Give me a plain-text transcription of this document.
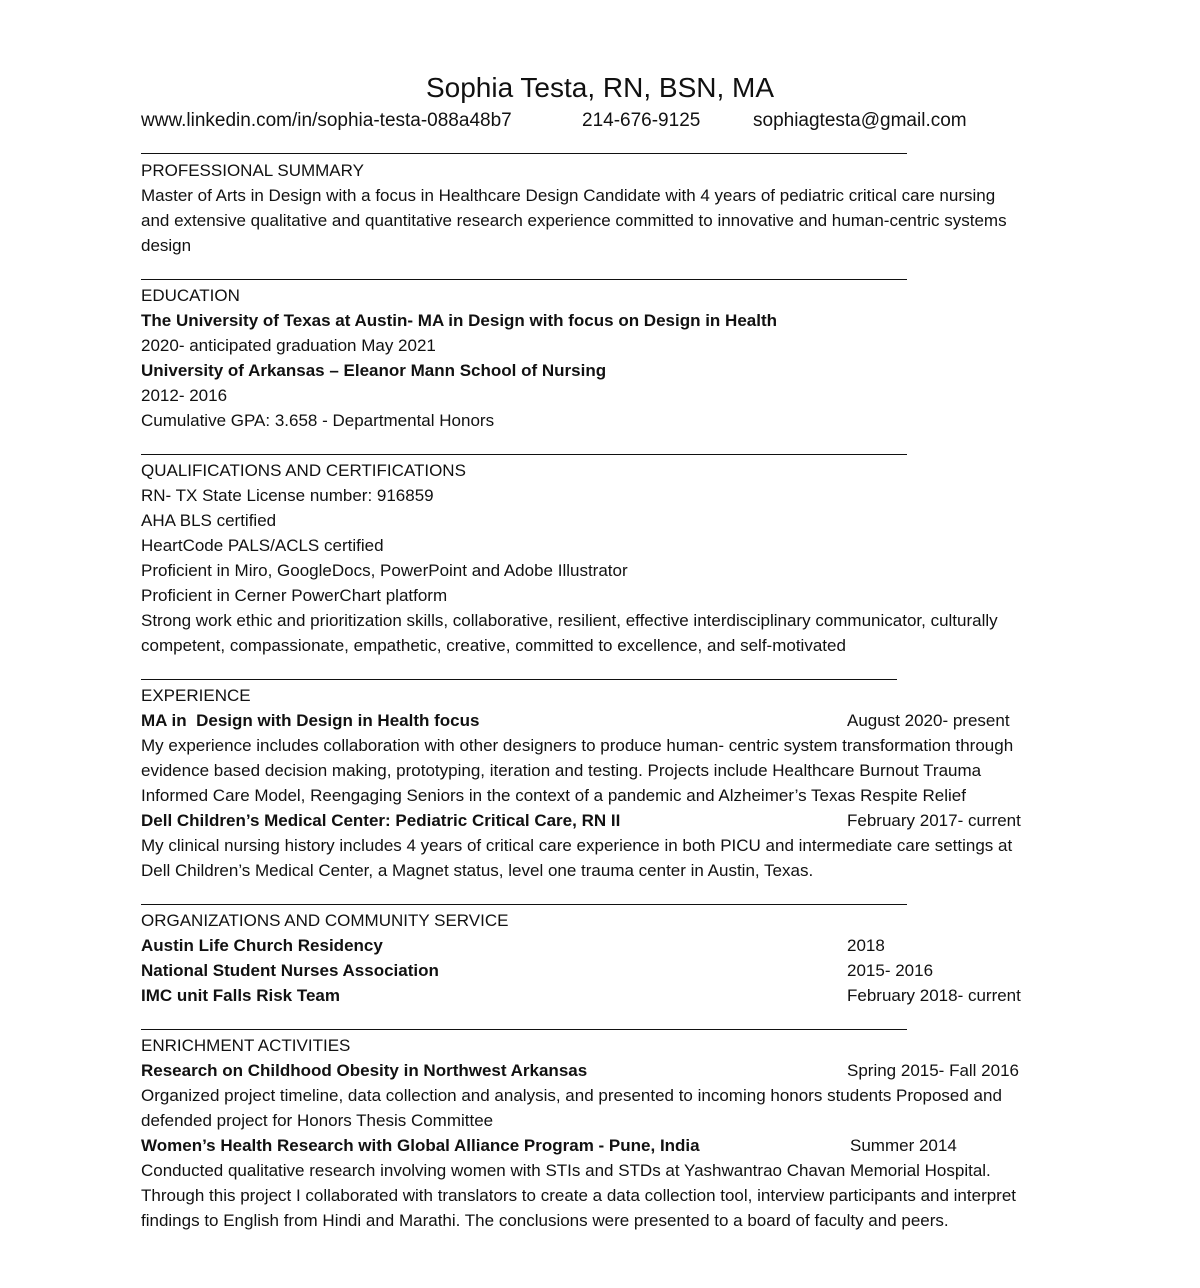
Sophia Testa, RN, BSN, MA
www.linkedin.com/in/sophia-testa-088a48b7	214-676-9125	sophiagtesta@gmail.com
PROFESSIONAL SUMMARY
Master of Arts in Design with a focus in Healthcare Design Candidate with 4 years of pediatric critical care nursing
and extensive qualitative and quantitative research experience committed to innovative and human-centric systems
design
EDUCATION
The University of Texas at Austin- MA in Design with focus on Design in Health
2020- anticipated graduation May 2021
University of Arkansas – Eleanor Mann School of Nursing
2012- 2016
Cumulative GPA: 3.658 - Departmental Honors
QUALIFICATIONS AND CERTIFICATIONS
RN- TX State License number: 916859
AHA BLS certified
HeartCode PALS/ACLS certified
Proficient in Miro, GoogleDocs, PowerPoint and Adobe Illustrator
Proficient in Cerner PowerChart platform
Strong work ethic and prioritization skills, collaborative, resilient, effective interdisciplinary communicator, culturally
competent, compassionate, empathetic, creative, committed to excellence, and self-motivated
EXPERIENCE
MA in  Design with Design in Health focus	August 2020- present
My experience includes collaboration with other designers to produce human- centric system transformation through
evidence based decision making, prototyping, iteration and testing. Projects include Healthcare Burnout Trauma
Informed Care Model, Reengaging Seniors in the context of a pandemic and Alzheimer’s Texas Respite Relief
Dell Children’s Medical Center: Pediatric Critical Care, RN II	February 2017- current
My clinical nursing history includes 4 years of critical care experience in both PICU and intermediate care settings at
Dell Children’s Medical Center, a Magnet status, level one trauma center in Austin, Texas.
ORGANIZATIONS AND COMMUNITY SERVICE
Austin Life Church Residency	2018
National Student Nurses Association	2015- 2016
IMC unit Falls Risk Team	February 2018- current
ENRICHMENT ACTIVITIES
Research on Childhood Obesity in Northwest Arkansas	Spring 2015- Fall 2016
Organized project timeline, data collection and analysis, and presented to incoming honors students Proposed and
defended project for Honors Thesis Committee
Women’s Health Research with Global Alliance Program - Pune, India	Summer 2014
Conducted qualitative research involving women with STIs and STDs at Yashwantrao Chavan Memorial Hospital.
Through this project I collaborated with translators to create a data collection tool, interview participants and interpret
findings to English from Hindi and Marathi. The conclusions were presented to a board of faculty and peers.
